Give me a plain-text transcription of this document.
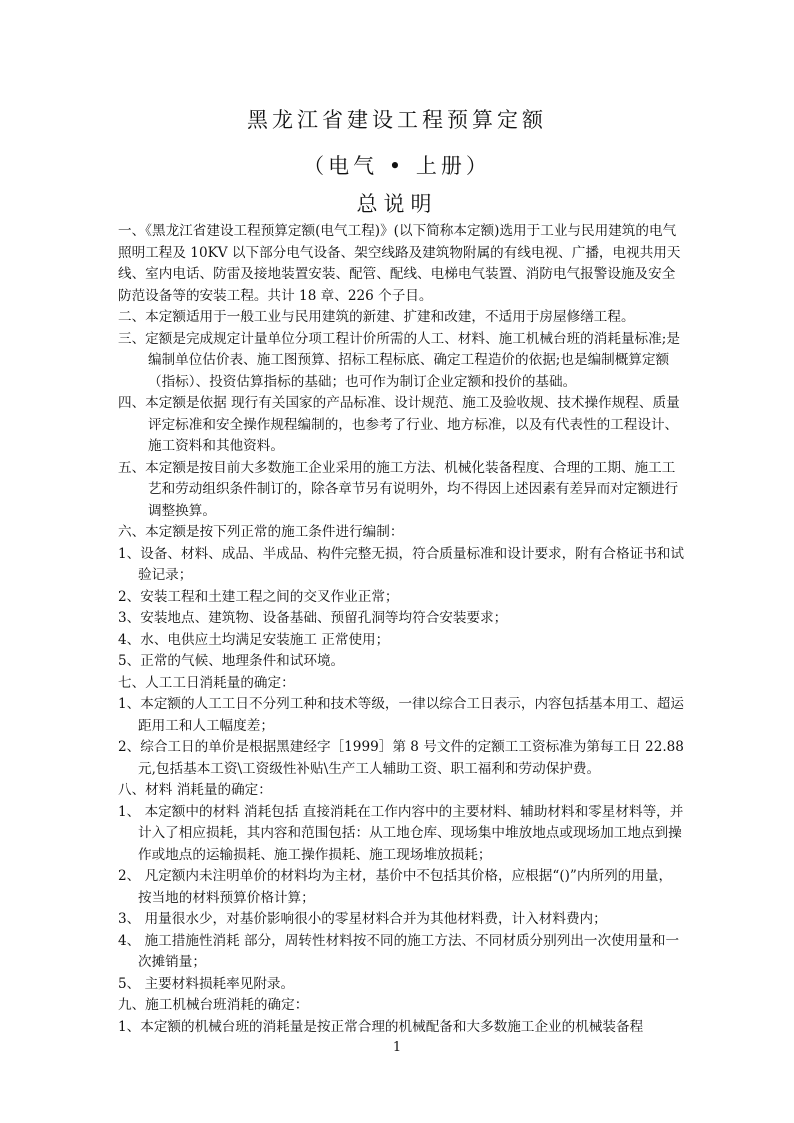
黑龙江省建设工程预算定额
（电气 • 上册）
总说明

一、《黑龙江省建设工程预算定额(电气工程)》(以下简称本定额)选用于工业与民用建筑的电气照明工程及 10KV 以下部分电气设备、架空线路及建筑物附属的有线电视、广播，电视共用天线、室内电话、防雷及接地装置安装、配管、配线、电梯电气装置、消防电气报警设施及安全防范设备等的安装工程。共计 18 章、226 个子目。

二、本定额适用于一般工业与民用建筑的新建、扩建和改建，不适用于房屋修缮工程。

三、定额是完成规定计量单位分项工程计价所需的人工、材料、施工机械台班的消耗量标准;是编制单位估价表、施工图预算、招标工程标底、确定工程造价的依据;也是编制概算定额（指标）、投资估算指标的基础；也可作为制订企业定额和投价的基础。

四、本定额是依据 现行有关国家的产品标准、设计规范、施工及验收规、技术操作规程、质量评定标准和安全操作规程编制的，也参考了行业、地方标准，以及有代表性的工程设计、施工资料和其他资料。

五、本定额是按目前大多数施工企业采用的施工方法、机械化装备程度、合理的工期、施工工艺和劳动组织条件制订的，除各章节另有说明外，均不得因上述因素有差异而对定额进行调整换算。

六、本定额是按下列正常的施工条件进行编制：

1、设备、材料、成品、半成品、构件完整无损，符合质量标准和设计要求，附有合格证书和试验记录；

2、安装工程和土建工程之间的交叉作业正常；

3、安装地点、建筑物、设备基础、预留孔洞等均符合安装要求；

4、水、电供应土均满足安装施工 正常使用；

5、正常的气候、地理条件和试环境。

七、人工工日消耗量的确定：

1、本定额的人工工日不分列工种和技术等级，一律以综合工日表示，内容包括基本用工、超运距用工和人工幅度差；

2、综合工日的单价是根据黑建经字［1999］第 8 号文件的定额工工资标准为第每工日 22.88元,包括基本工资\工资级性补贴\生产工人辅助工资、职工福利和劳动保护费。

八、材料 消耗量的确定：

1、 本定额中的材料 消耗包括 直接消耗在工作内容中的主要材料、辅助材料和零星材料等，并计入了相应损耗，其内容和范围包括：从工地仓库、现场集中堆放地点或现场加工地点到操作或地点的运输损耗、施工操作损耗、施工现场堆放损耗；

2、 凡定额内未注明单价的材料均为主材，基价中不包括其价格，应根据“()”内所列的用量，按当地的材料预算价格计算；

3、 用量很水少，对基价影响很小的零星材料合并为其他材料费，计入材料费内；

4、 施工措施性消耗 部分，周转性材料按不同的施工方法、不同材质分别列出一次使用量和一次摊销量；

5、 主要材料损耗率见附录。

九、施工机械台班消耗的确定：

1、本定额的机械台班的消耗量是按正常合理的机械配备和大多数施工企业的机械装备程

1
